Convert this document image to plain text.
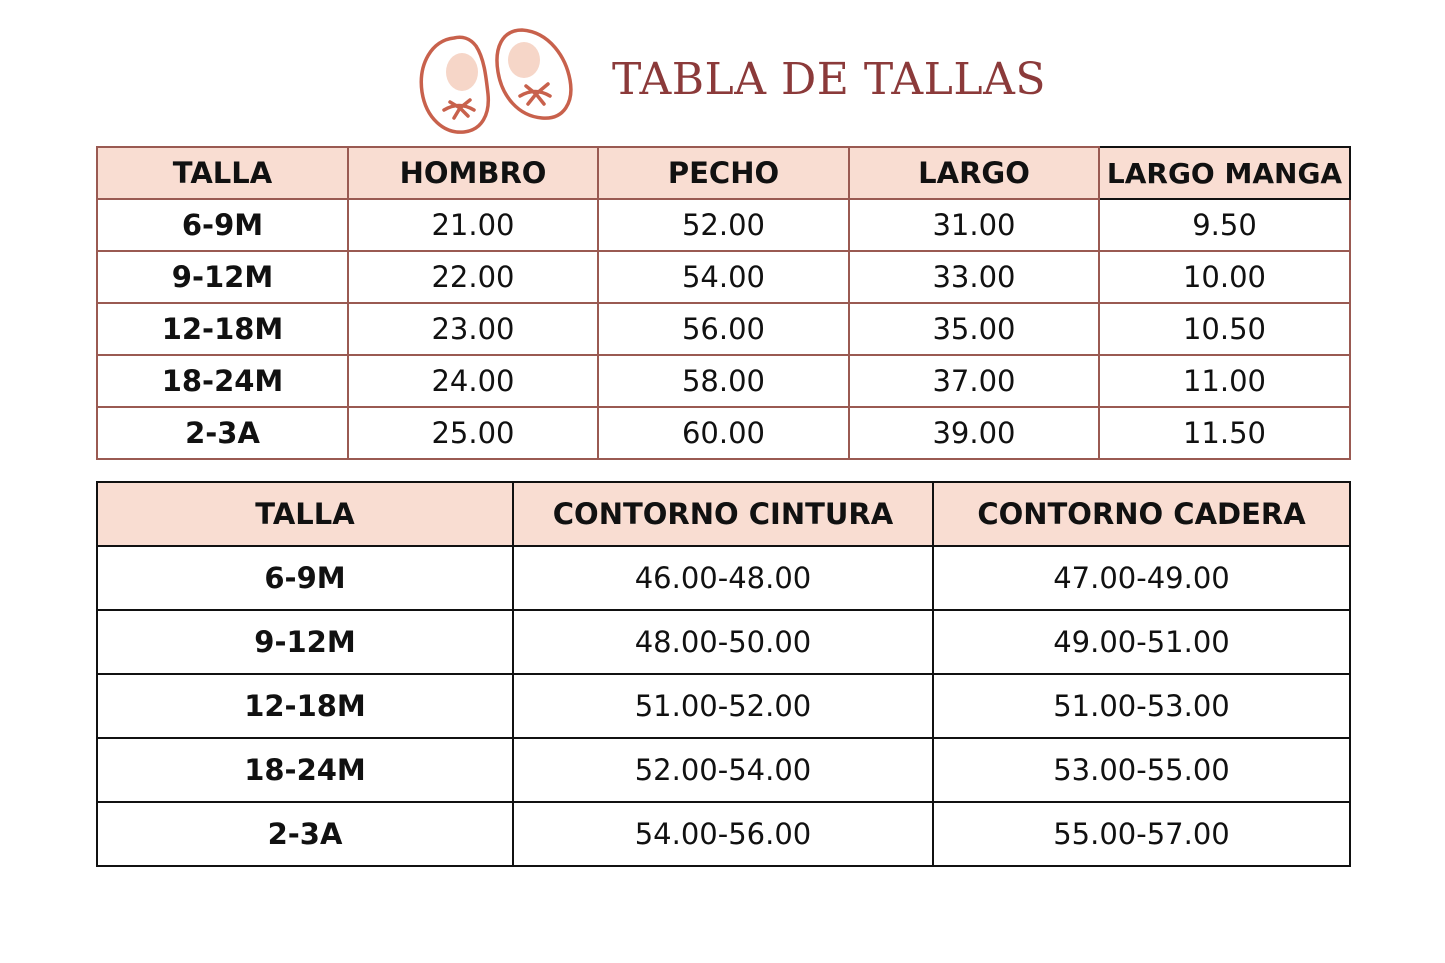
TABLA DE TALLAS
TALLA	HOMBRO	PECHO	LARGO	LARGO MANGA
6-9M	21.00	52.00	31.00	9.50
9-12M	22.00	54.00	33.00	10.00
12-18M	23.00	56.00	35.00	10.50
18-24M	24.00	58.00	37.00	11.00
2-3A	25.00	60.00	39.00	11.50
TALLA	CONTORNO CINTURA	CONTORNO CADERA
6-9M	46.00-48.00	47.00-49.00
9-12M	48.00-50.00	49.00-51.00
12-18M	51.00-52.00	51.00-53.00
18-24M	52.00-54.00	53.00-55.00
2-3A	54.00-56.00	55.00-57.00
